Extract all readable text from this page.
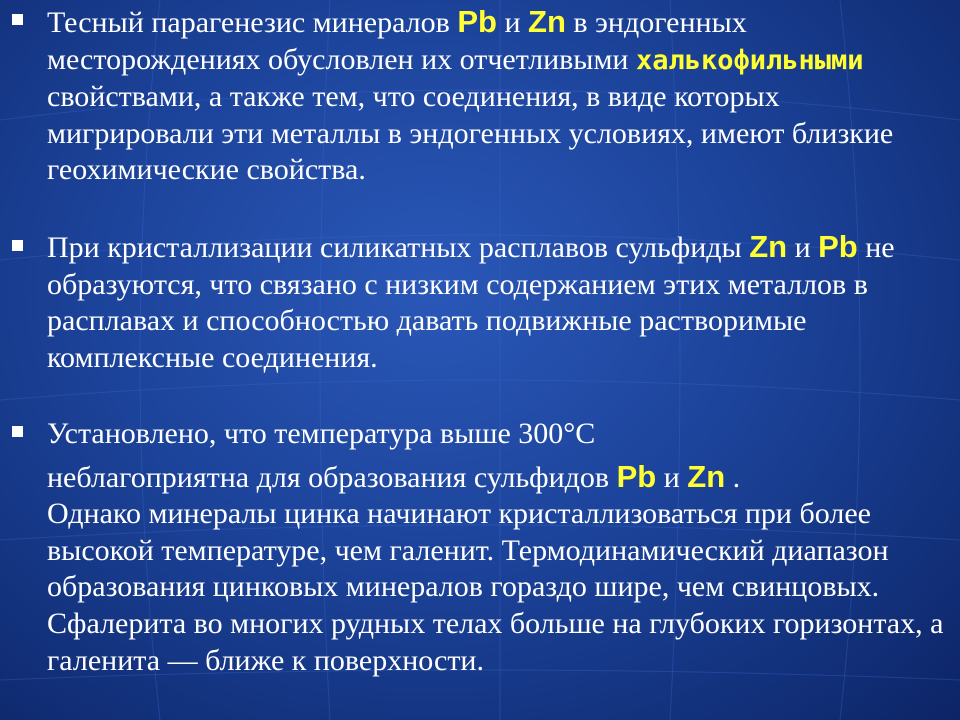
Тесный парагенезис минералов Pb и Zn в эндогенных месторождениях обусловлен их отчетливыми халькофильными свойствами, а также тем, что соединения, в виде которых мигрировали эти металлы в эндогенных условиях, имеют близкие геохимические свойства.

При кристаллизации силикатных расплавов сульфиды Zn и Pb не образуются, что связано с низким содержанием этих металлов в расплавах и способностью давать подвижные растворимые комплексные соединения.

Установлено, что температура выше 300°С
неблагоприятна для образования сульфидов Pb и Zn .
Однако минералы цинка начинают кристаллизоваться при более высокой температуре, чем галенит. Термодинамический диапазон образования цинковых минералов гораздо шире, чем свинцовых. Сфалерита во многих рудных телах больше на глубоких горизонтах, а галенита — ближе к поверхности.
